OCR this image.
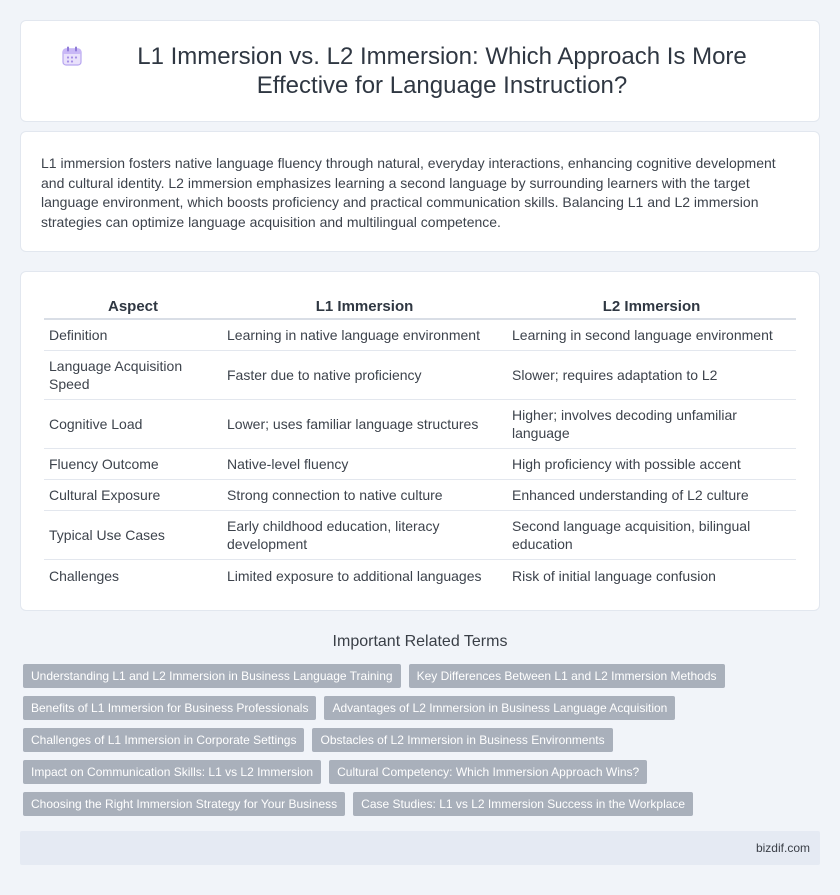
L1 Immersion vs. L2 Immersion: Which Approach Is More Effective for Language Instruction?

L1 immersion fosters native language fluency through natural, everyday interactions, enhancing cognitive development and cultural identity. L2 immersion emphasizes learning a second language by surrounding learners with the target language environment, which boosts proficiency and practical communication skills. Balancing L1 and L2 immersion strategies can optimize language acquisition and multilingual competence.

Aspect	L1 Immersion	L2 Immersion
Definition	Learning in native language environment	Learning in second language environment
Language Acquisition Speed	Faster due to native proficiency	Slower; requires adaptation to L2
Cognitive Load	Lower; uses familiar language structures	Higher; involves decoding unfamiliar language
Fluency Outcome	Native-level fluency	High proficiency with possible accent
Cultural Exposure	Strong connection to native culture	Enhanced understanding of L2 culture
Typical Use Cases	Early childhood education, literacy development	Second language acquisition, bilingual education
Challenges	Limited exposure to additional languages	Risk of initial language confusion
Important Related Terms
Understanding L1 and L2 Immersion in Business Language Training	Key Differences Between L1 and L2 Immersion Methods
Benefits of L1 Immersion for Business Professionals	Advantages of L2 Immersion in Business Language Acquisition
Challenges of L1 Immersion in Corporate Settings	Obstacles of L2 Immersion in Business Environments
Impact on Communication Skills: L1 vs L2 Immersion	Cultural Competency: Which Immersion Approach Wins?
Choosing the Right Immersion Strategy for Your Business	Case Studies: L1 vs L2 Immersion Success in the Workplace
bizdif.com
